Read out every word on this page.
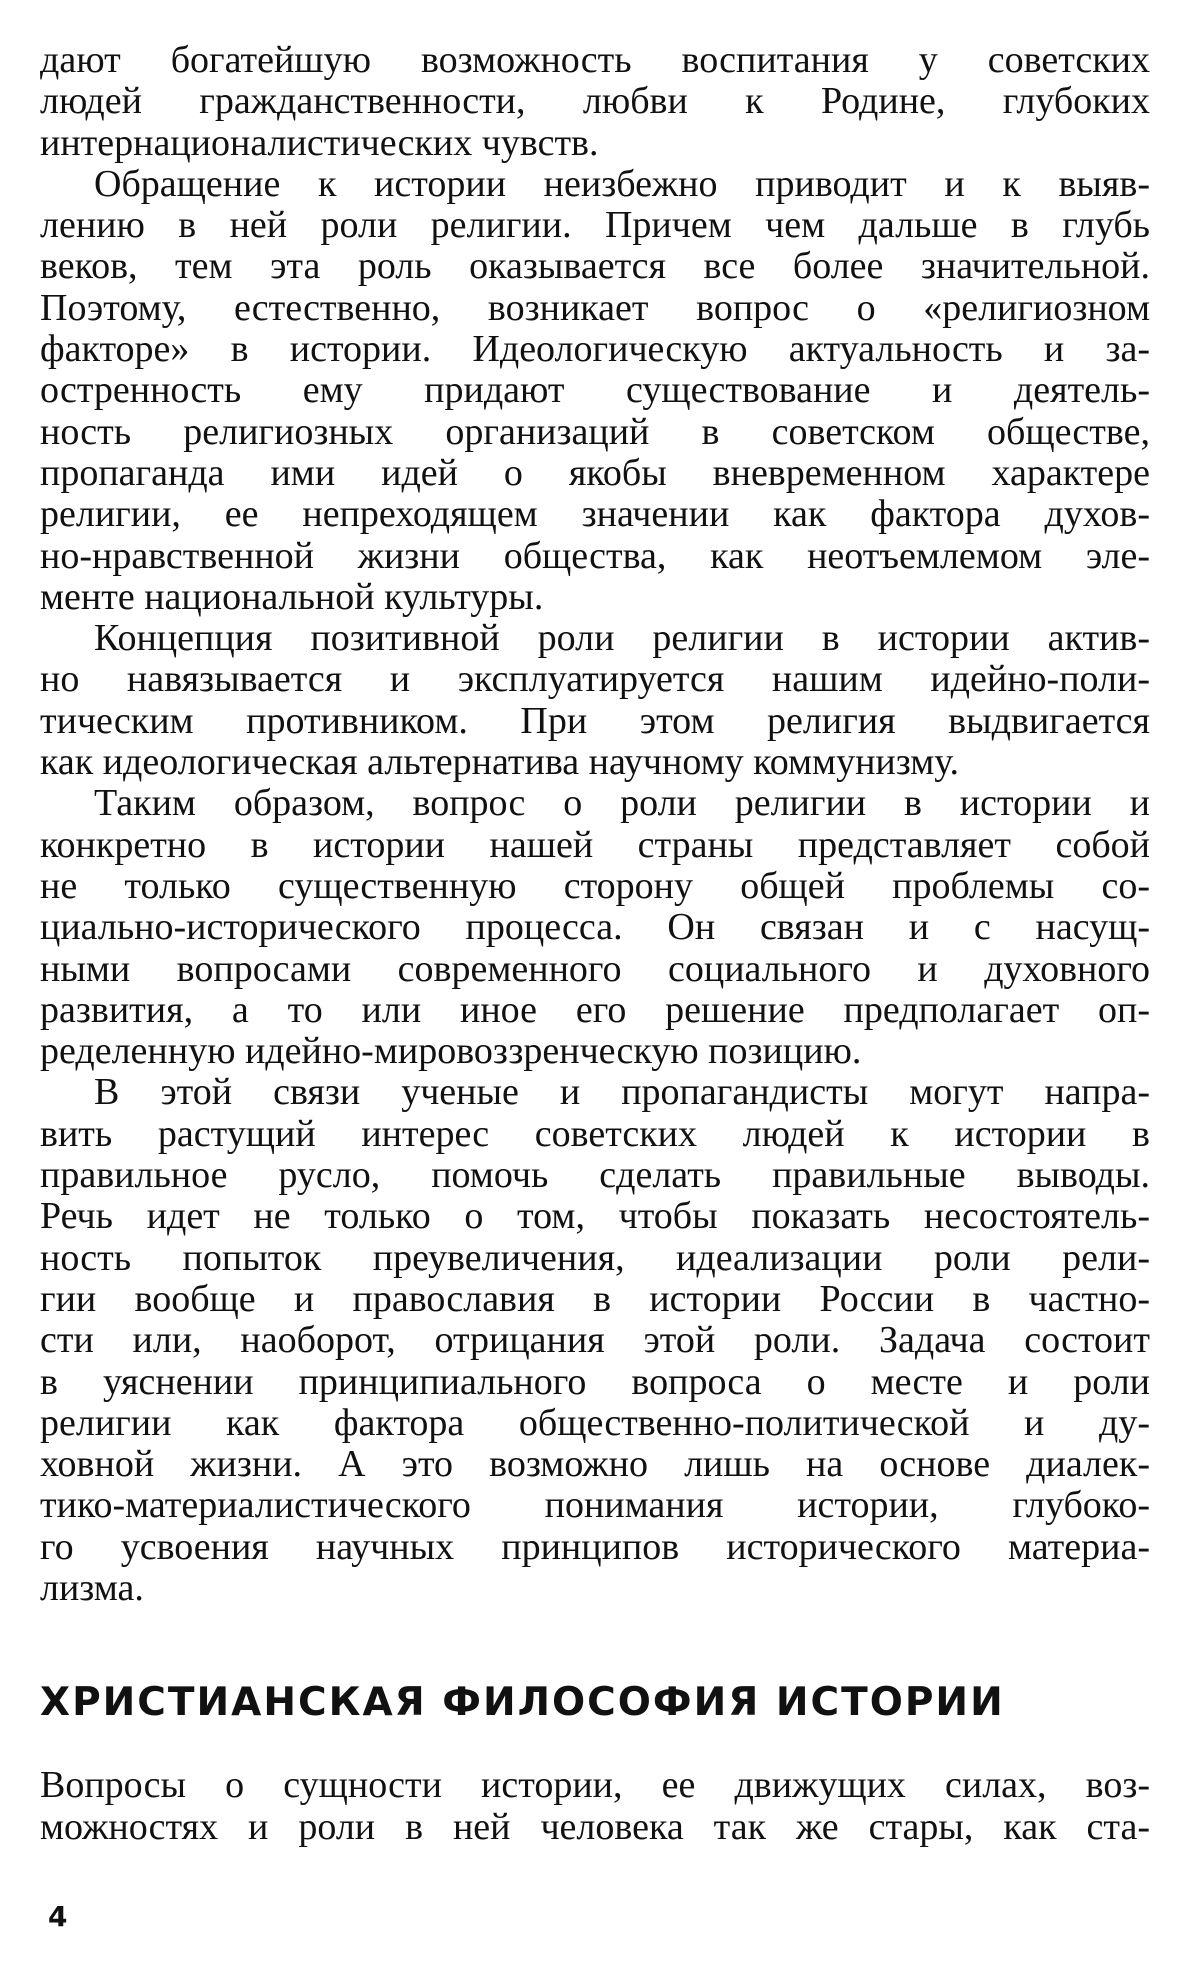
дают богатейшую возможность воспитания у советских
людей гражданственности, любви к Родине, глубоких
интернационалистических чувств.
Обращение к истории неизбежно приводит и к выяв-
лению в ней роли религии. Причем чем дальше в глубь
веков, тем эта роль оказывается все более значительной.
Поэтому, естественно, возникает вопрос о «религиозном
факторе» в истории. Идеологическую актуальность и за-
остренность ему придают существование и деятель-
ность религиозных организаций в советском обществе,
пропаганда ими идей о якобы вневременном характере
религии, ее непреходящем значении как фактора духов-
но-нравственной жизни общества, как неотъемлемом эле-
менте национальной культуры.
Концепция позитивной роли религии в истории актив-
но навязывается и эксплуатируется нашим идейно-поли-
тическим противником. При этом религия выдвигается
как идеологическая альтернатива научному коммунизму.
Таким образом, вопрос о роли религии в истории и
конкретно в истории нашей страны представляет собой
не только существенную сторону общей проблемы со-
циально-исторического процесса. Он связан и с насущ-
ными вопросами современного социального и духовного
развития, а то или иное его решение предполагает оп-
ределенную идейно-мировоззренческую позицию.
В этой связи ученые и пропагандисты могут напра-
вить растущий интерес советских людей к истории в
правильное русло, помочь сделать правильные выводы.
Речь идет не только о том, чтобы показать несостоятель-
ность попыток преувеличения, идеализации роли рели-
гии вообще и православия в истории России в частно-
сти или, наоборот, отрицания этой роли. Задача состоит
в уяснении принципиального вопроса о месте и роли
религии как фактора общественно-политической и ду-
ховной жизни. А это возможно лишь на основе диалек-
тико-материалистического понимания истории, глубоко-
го усвоения научных принципов исторического материа-
лизма.
ХРИСТИАНСКАЯ ФИЛОСОФИЯ ИСТОРИИ
Вопросы о сущности истории, ее движущих силах, воз-
можностях и роли в ней человека так же стары, как ста-
4
